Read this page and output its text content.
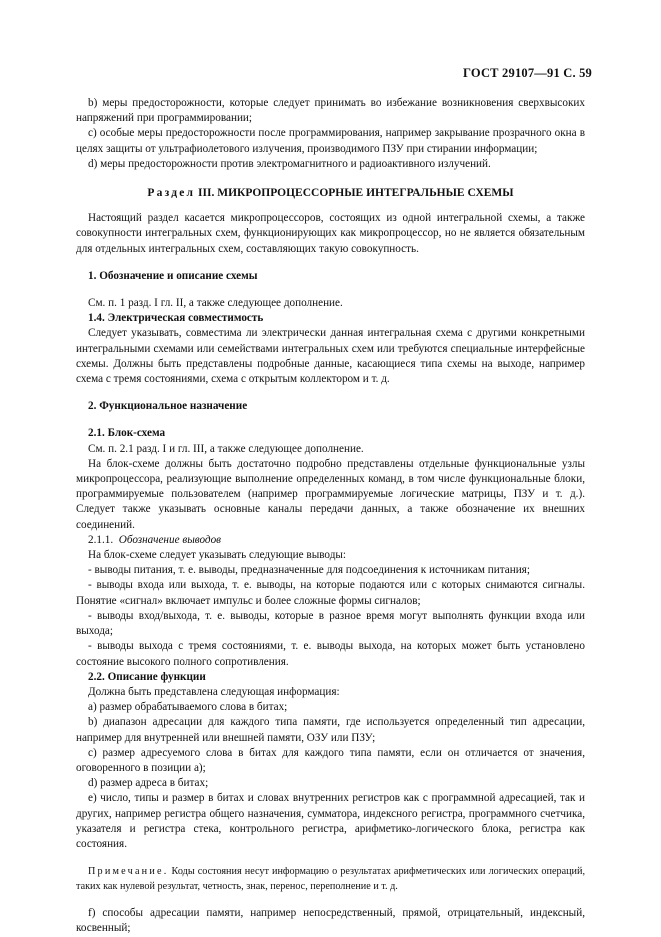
ГОСТ 29107—91 С. 59

b) меры предосторожности, которые следует принимать во избежание возникновения сверхвысоких напряжений при программировании;

c) особые меры предосторожности после программирования, например закрывание прозрачного окна в целях защиты от ультрафиолетового излучения, производимого ПЗУ при стирании информации;

d) меры предосторожности против электромагнитного и радиоактивного излучений.

Раздел III. МИКРОПРОЦЕССОРНЫЕ ИНТЕГРАЛЬНЫЕ СХЕМЫ

Настоящий раздел касается микропроцессоров, состоящих из одной интегральной схемы, а также совокупности интегральных схем, функционирующих как микропроцессор, но не является обязательным для отдельных интегральных схем, составляющих такую совокупность.

1. Обозначение и описание схемы

См. п. 1 разд. I гл. II, а также следующее дополнение.

1.4. Электрическая совместимость

Следует указывать, совместима ли электрически данная интегральная схема с другими конкретными интегральными схемами или семействами интегральных схем или требуются специальные интерфейсные схемы. Должны быть представлены подробные данные, касающиеся типа схемы на выходе, например схема с тремя состояниями, схема с открытым коллектором и т. д.

2. Функциональное назначение

2.1. Блок-схема

См. п. 2.1 разд. I и гл. III, а также следующее дополнение.

На блок-схеме должны быть достаточно подробно представлены отдельные функциональные узлы микропроцессора, реализующие выполнение определенных команд, в том числе функциональные блоки, программируемые пользователем (например программируемые логические матрицы, ПЗУ и т. д.). Следует также указывать основные каналы передачи данных, а также обозначение их внешних соединений.

2.1.1. Обозначение выводов

На блок-схеме следует указывать следующие выводы:

- выводы питания, т. е. выводы, предназначенные для подсоединения к источникам питания;

- выводы входа или выхода, т. е. выводы, на которые подаются или с которых снимаются сигналы. Понятие «сигнал» включает импульс и более сложные формы сигналов;

- выводы вход/выхода, т. е. выводы, которые в разное время могут выполнять функции входа или выхода;

- выводы выхода с тремя состояниями, т. е. выводы выхода, на которых может быть установлено состояние высокого полного сопротивления.

2.2. Описание функции

Должна быть представлена следующая информация:

a) размер обрабатываемого слова в битах;

b) диапазон адресации для каждого типа памяти, где используется определенный тип адресации, например для внутренней или внешней памяти, ОЗУ или ПЗУ;

c) размер адресуемого слова в битах для каждого типа памяти, если он отличается от значения, оговоренного в позиции а);

d) размер адреса в битах;

e) число, типы и размер в битах и словах внутренних регистров как с программной адресацией, так и других, например регистра общего назначения, сумматора, индексного регистра, программного счетчика, указателя и регистра стека, контрольного регистра, арифметико-логического блока, регистра как состояния.

Примечание. Коды состояния несут информацию о результатах арифметических или логических операций, таких как нулевой результат, четность, знак, перенос, переполнение и т. д.

f) способы адресации памяти, например непосредственный, прямой, отрицательный, индексный, косвенный;
